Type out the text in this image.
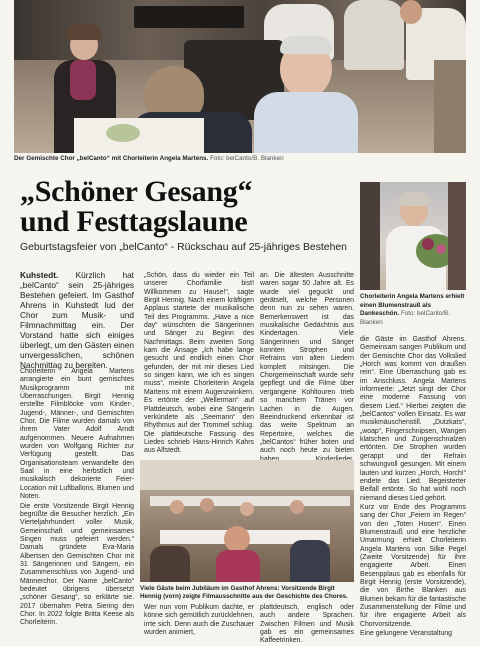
Der Gemischte Chor „belCanto“ mit Chorleiterin Angela Martens. Foto: belCanto/B. Blanken
„Schöner Gesang“
und Festtagslaune
Geburtstagsfeier von „belCanto“ - Rückschau auf 25-jähriges Bestehen
Chorleiterin Angela Martens erhielt einen Blumenstrauß als Dankeschön. Foto: belCanto/B. Blanken
Kuhstedt. Kürzlich hat „belCanto“ sein 25-jähriges Bestehen gefeiert. Im Gasthof Ahrens in Kuhstedt lud der Chor zum Musik- und Filmnachmittag ein. Der Vorstand hatte sich einiges überlegt, um den Gästen einen unvergesslichen, schönen Nachmittag zu bereiten.

Chorleiterin Angela Martens arrangierte ein bunt gemischtes Musikprogramm mit Überraschungen. Birgit Hennig erstellte Filmblöcke vom Kinder-, Jugend-, Männer-, und Gemischten Chor. Die Filme wurden damals von ihrem Vater Adolf Arndt aufgenommen. Neuere Aufnahmen wurden von Wolfgang Richter zur Verfügung gestellt. Das Organisationsteam verwandelte den Saal in eine herbstlich und musikalisch dekorierte Feier-Location mit Luftballons, Blumen und Noten.

Die erste Vorsitzende Birgit Hennig begrüßte die Besucher herzlich. „Ein Vierteljahrhundert voller Musik, Gemeinschaft und gemeinsames Singen muss gefeiert werden.“ Damals gründete Eva-Maria Albertsen den Gemischten Chor mit 31 Sängerinnen und Sängern, ein Zusammenschluss von Jugend- und Männerchor. Der Name „belCanto“ bedeutet übrigens übersetzt „schöner Gesang“, so erklärte sie. 2017 übernahm Petra Siering den Chor. In 2022 folgte Britta Keese als Chorleiterin.

„Schön, dass du wieder ein Teil unserer Chorfamilie bist! Willkommen zu Hause!“, sagte Birgit Hennig. Nach einem kräftigen Applaus startete der musikalische Teil des Programms. „Have a nice day“ wünschten die Sängerinnen und Sänger zu Beginn des Nachmittags. Beim zweiten Song kam die Ansage „Ich habe lange gesucht und endlich einen Chor gefunden, der mit mir dieses Lied so singen kann, wie ich es singen muss“, meinte Chorleiterin Angela Martens mit einem Augenzwinkern. Es ertönte der „Wellerman“ auf Plattdeutsch, wobei eine Sängerin verkündete als „Seemann“ den Rhythmus auf der Trommel schlug. Die plattdeutsche Fassung des Liedes schrieb Hans-Hinrich Kahrs aus Alfstedt.

an. Die ältesten Ausschnitte waren sogar 50 Jahre alt. Es wurde viel geguckt und gerätselt, welche Personen denn nun zu sehen waren. Bemerkenswert ist das musikalische Gedächtnis aus Kindertagen. Viele Sängerinnen und Sänger konnten Strophen und Refrains von alten Liedern komplett mitsingen. Die Chorgemeinschaft wurde sehr gepflegt und die Filme über vergangene Kohltouren trieb so manchem Tränen vor Lachen in die Augen. Beeindruckend erkennbar ist das weite Spektrum an Repertoire, welches die „belCantos“ früher boten und auch noch heute zu bieten

Viele Gäste beim Jubiläum im Gasthof Ahrens: Vorsitzende Birgit Hennig (vorn) zeigte Filmausschnitte aus der Geschichte des Chores.

Wer nun vom Publikum dachte, er könne sich gemütlich zurücklehnen, irrte sich. Denn auch die Zuschauer wurden animiert,

plattdeutsch, englisch oder auch andere Sprachen. Zwischen Filmen und Musik gab es ein gemeinsames Kaffeetrinken.

die Gäste im Gasthof Ahrens. Gemeinsam sangen Publikum und der Gemischte Chor das Volkslied „Horch was kommt von draußen rein“. Eine Überraschung gab es im Anschluss. Angela Martens informierte: „Jetzt singt der Chor eine moderne Fassung von diesem Lied.“ Hierbei zeigten die „belCantos“ vollen Einsatz. Es war musikmäuschenstill. „Dutzkats“, „woap“, Fingerschnipsen, Wangen klatschen und Zungenschnalzen ertönten. Die Strophen wurden gerappt und der Refrain schwungvoll gesungen. Mit einem lauten und kurzen „Horch, Horch!“ endete das Lied. Begeisterter Beifall ertönte. So hat wohl noch niemand dieses Lied gehört.

Kurz vor Ende des Programms sang der Chor „Feiern im Regen“ von den „Toten Hosen“. Einen Blumenstrauß und eine herzliche Umarmung erhielt Chorleiterin Angela Martens von Silke Pegel (Zweite Vorsitzende) für ihre engagierte Arbeit. Einen Besenpplaus gab es ebenfalls für Birgit Hennig (erste Vorsitzende), die von Birthe Blanken aus Blumen bekam für die fantastische Zusammenstellung der Filme und für ihre engagierte Arbeit als Chorvorsitzende.

Eine gelungene Veranstaltung
